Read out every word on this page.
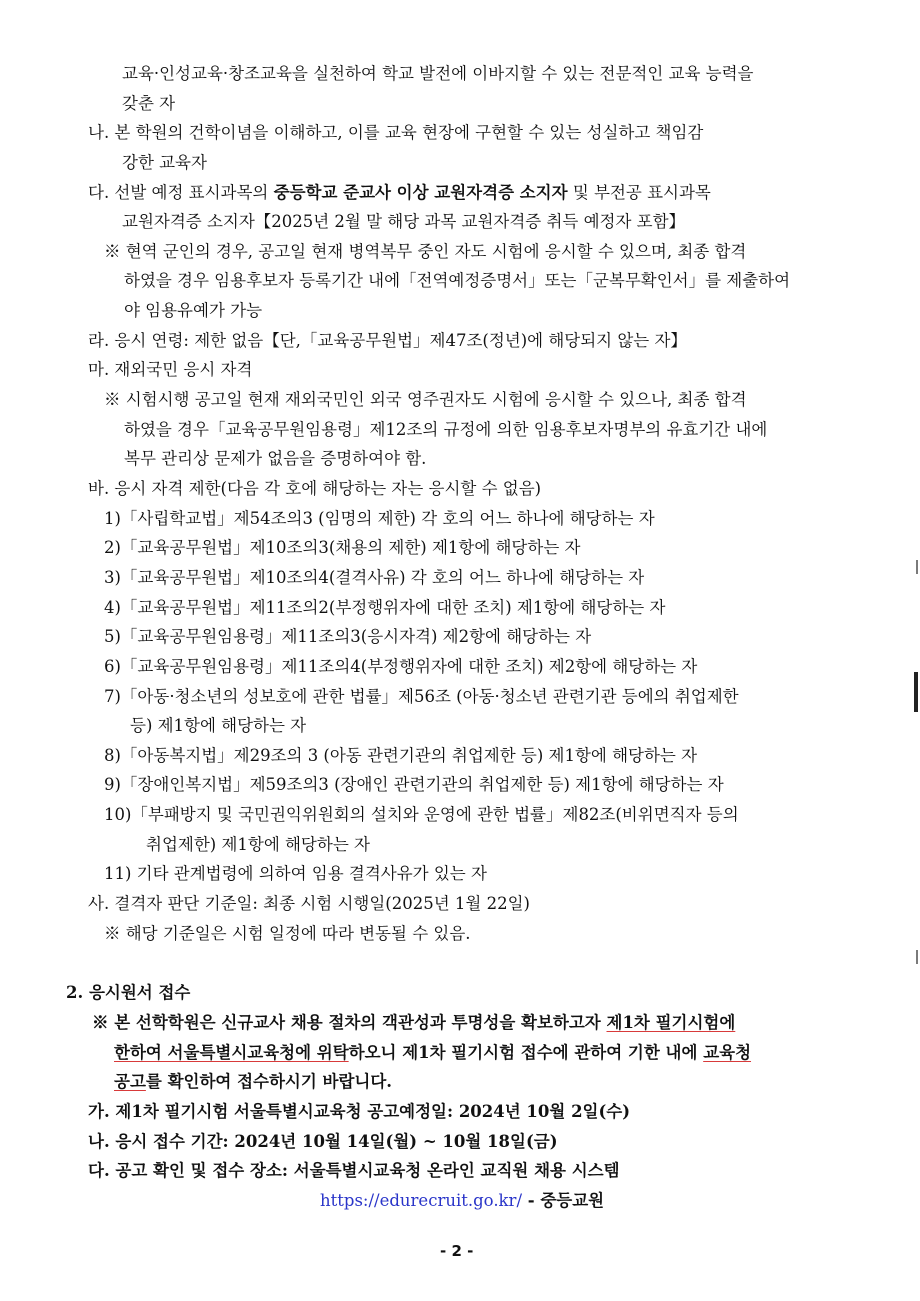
교육·인성교육·창조교육을 실천하여 학교 발전에 이바지할 수 있는 전문적인 교육 능력을
갖춘 자
나. 본 학원의 건학이념을 이해하고, 이를 교육 현장에 구현할 수 있는 성실하고 책임감
강한 교육자
다. 선발 예정 표시과목의 중등학교 준교사 이상 교원자격증 소지자 및 부전공 표시과목
교원자격증 소지자【2025년 2월 말 해당 과목 교원자격증 취득 예정자 포함】
※ 현역 군인의 경우, 공고일 현재 병역복무 중인 자도 시험에 응시할 수 있으며, 최종 합격
하였을 경우 임용후보자 등록기간 내에「전역예정증명서」또는「군복무확인서」를 제출하여
야 임용유예가 가능
라. 응시 연령: 제한 없음【단,「교육공무원법」제47조(정년)에 해당되지 않는 자】
마. 재외국민 응시 자격
※ 시험시행 공고일 현재 재외국민인 외국 영주권자도 시험에 응시할 수 있으나, 최종 합격
하였을 경우「교육공무원임용령」제12조의 규정에 의한 임용후보자명부의 유효기간 내에
복무 관리상 문제가 없음을 증명하여야 함.
바. 응시 자격 제한(다음 각 호에 해당하는 자는 응시할 수 없음)
1)「사립학교법」제54조의3 (임명의 제한) 각 호의 어느 하나에 해당하는 자
2)「교육공무원법」제10조의3(채용의 제한) 제1항에 해당하는 자
3)「교육공무원법」제10조의4(결격사유) 각 호의 어느 하나에 해당하는 자
4)「교육공무원법」제11조의2(부정행위자에 대한 조치) 제1항에 해당하는 자
5)「교육공무원임용령」제11조의3(응시자격) 제2항에 해당하는 자
6)「교육공무원임용령」제11조의4(부정행위자에 대한 조치) 제2항에 해당하는 자
7)「아동·청소년의 성보호에 관한 법률」제56조 (아동·청소년 관련기관 등에의 취업제한
등) 제1항에 해당하는 자
8)「아동복지법」제29조의 3 (아동 관련기관의 취업제한 등) 제1항에 해당하는 자
9)「장애인복지법」제59조의3 (장애인 관련기관의 취업제한 등) 제1항에 해당하는 자
10)「부패방지 및 국민권익위원회의 설치와 운영에 관한 법률」제82조(비위면직자 등의
취업제한) 제1항에 해당하는 자
11) 기타 관계법령에 의하여 임용 결격사유가 있는 자
사. 결격자 판단 기준일: 최종 시험 시행일(2025년 1월 22일)
※ 해당 기준일은 시험 일정에 따라 변동될 수 있음.
2. 응시원서 접수
※ 본 선학학원은 신규교사 채용 절차의 객관성과 투명성을 확보하고자 제1차 필기시험에
한하여 서울특별시교육청에 위탁하오니 제1차 필기시험 접수에 관하여 기한 내에 교육청
공고를 확인하여 접수하시기 바랍니다.
가. 제1차 필기시험 서울특별시교육청 공고예정일: 2024년 10월 2일(수)
나. 응시 접수 기간: 2024년 10월 14일(월) ~ 10월 18일(금)
다. 공고 확인 및 접수 장소: 서울특별시교육청 온라인 교직원 채용 시스템
https://edurecruit.go.kr/ - 중등교원
- 2 -
